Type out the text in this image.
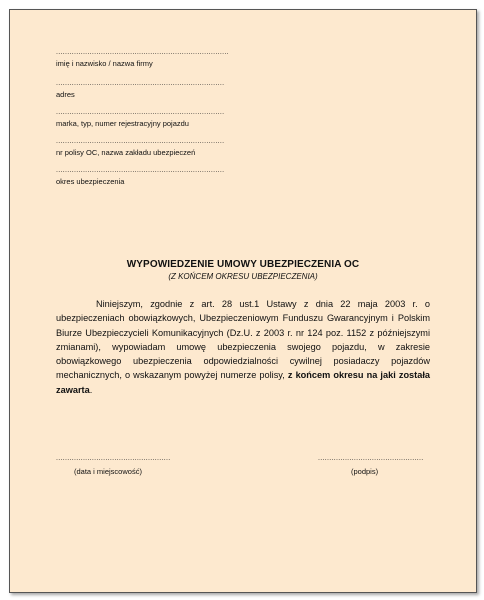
.............................................................................
imię i nazwisko / nazwa firmy
...........................................................................
adres
...........................................................................
marka, typ, numer rejestracyjny pojazdu
...........................................................................
nr polisy OC, nazwa zakładu ubezpieczeń
...........................................................................
okres ubezpieczenia
WYPOWIEDZENIE UMOWY UBEZPIECZENIA OC
(Z KOŃCEM OKRESU UBEZPIECZENIA)
Niniejszym, zgodnie z art. 28 ust.1 Ustawy z dnia 22 maja 2003 r. o ubezpieczeniach obowiązkowych, Ubezpieczeniowym Funduszu Gwarancyjnym i Polskim Biurze Ubezpieczycieli Komunikacyjnych (Dz.U. z 2003 r. nr 124 poz. 1152 z późniejszymi zmianami), wypowiadam umowę ubezpieczenia swojego pojazdu, w zakresie obowiązkowego ubezpieczenia odpowiedzialności cywilnej posiadaczy pojazdów mechanicznych, o wskazanym powyżej numerze polisy, z końcem okresu na jaki została zawarta.
...................................................
(data i miejscowość)
...............................................
(podpis)
